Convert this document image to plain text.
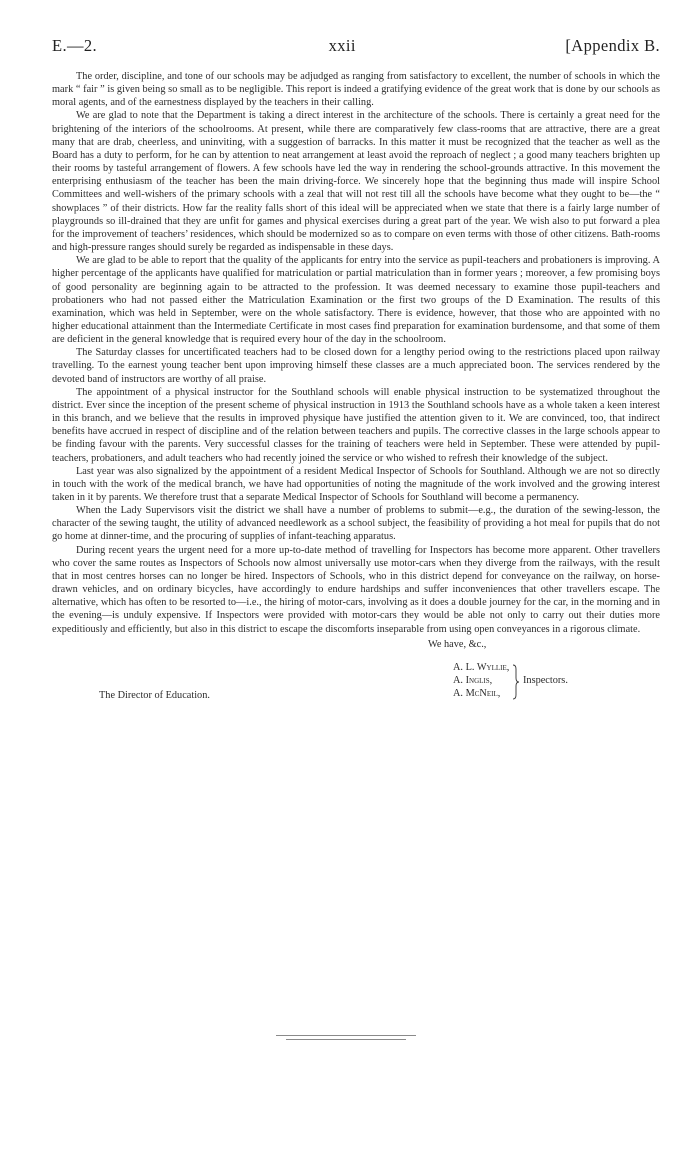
E.—2.	xxii	[Appendix B.

The order, discipline, and tone of our schools may be adjudged as ranging from satisfactory to excellent, the number of schools in which the mark “ fair ” is given being so small as to be negligible. This report is indeed a gratifying evidence of the great work that is done by our schools as moral agents, and of the earnestness displayed by the teachers in their calling.

We are glad to note that the Department is taking a direct interest in the architecture of the schools. There is certainly a great need for the brightening of the interiors of the schoolrooms. At present, while there are comparatively few class-rooms that are attractive, there are a great many that are drab, cheerless, and uninviting, with a suggestion of barracks. In this matter it must be recognized that the teacher as well as the Board has a duty to perform, for he can by attention to neat arrangement at least avoid the reproach of neglect ; a good many teachers brighten up their rooms by tasteful arrangement of flowers. A few schools have led the way in rendering the school-grounds attractive. In this movement the enterprising enthusiasm of the teacher has been the main driving-force. We sincerely hope that the beginning thus made will inspire School Committees and well-wishers of the primary schools with a zeal that will not rest till all the schools have become what they ought to be—the “ showplaces ” of their districts. How far the reality falls short of this ideal will be appreciated when we state that there is a fairly large number of playgrounds so ill-drained that they are unfit for games and physical exercises during a great part of the year. We wish also to put forward a plea for the improvement of teachers’ residences, which should be modernized so as to compare on even terms with those of other citizens. Bath-rooms and high-pressure ranges should surely be regarded as indispensable in these days.

We are glad to be able to report that the quality of the applicants for entry into the service as pupil-teachers and probationers is improving. A higher percentage of the applicants have qualified for matriculation or partial matriculation than in former years ; moreover, a few promising boys of good personality are beginning again to be attracted to the profession. It was deemed necessary to examine those pupil-teachers and probationers who had not passed either the Matriculation Examination or the first two groups of the D Examination. The results of this examination, which was held in September, were on the whole satisfactory. There is evidence, however, that those who are appointed with no higher educational attainment than the Intermediate Certificate in most cases find preparation for examination burdensome, and that some of them are deficient in the general knowledge that is required every hour of the day in the schoolroom.

The Saturday classes for uncertificated teachers had to be closed down for a lengthy period owing to the restrictions placed upon railway travelling. To the earnest young teacher bent upon improving himself these classes are a much appreciated boon. The services rendered by the devoted band of instructors are worthy of all praise.

The appointment of a physical instructor for the Southland schools will enable physical instruction to be systematized throughout the district. Ever since the inception of the present scheme of physical instruction in 1913 the Southland schools have as a whole taken a keen interest in this branch, and we believe that the results in improved physique have justified the attention given to it. We are convinced, too, that indirect benefits have accrued in respect of discipline and of the relation between teachers and pupils. The corrective classes in the large schools appear to be finding favour with the parents. Very successful classes for the training of teachers were held in September. These were attended by pupil-teachers, probationers, and adult teachers who had recently joined the service or who wished to refresh their knowledge of the subject.

Last year was also signalized by the appointment of a resident Medical Inspector of Schools for Southland. Although we are not so directly in touch with the work of the medical branch, we have had opportunities of noting the magnitude of the work involved and the growing interest taken in it by parents. We therefore trust that a separate Medical Inspector of Schools for Southland will become a permanency.

When the Lady Supervisors visit the district we shall have a number of problems to submit—e.g., the duration of the sewing-lesson, the character of the sewing taught, the utility of advanced needlework as a school subject, the feasibility of providing a hot meal for pupils that do not go home at dinner-time, and the procuring of supplies of infant-teaching apparatus.

During recent years the urgent need for a more up-to-date method of travelling for Inspectors has become more apparent. Other travellers who cover the same routes as Inspectors of Schools now almost universally use motor-cars when they diverge from the railways, with the result that in most centres horses can no longer be hired. Inspectors of Schools, who in this district depend for conveyance on the railway, on horse-drawn vehicles, and on ordinary bicycles, have accordingly to endure hardships and suffer inconveniences that other travellers escape. The alternative, which has often to be resorted to—i.e., the hiring of motor-cars, involving as it does a double journey for the car, in the morning and in the evening—is unduly expensive. If Inspectors were provided with motor-cars they would be able not only to carry out their duties more expeditiously and efficiently, but also in this district to escape the discomforts inseparable from using open conveyances in a rigorous climate.

We have, &c.,
A. L. Wyllie,
A. Inglis,
A. McNeil,
Inspectors.
The Director of Education.
